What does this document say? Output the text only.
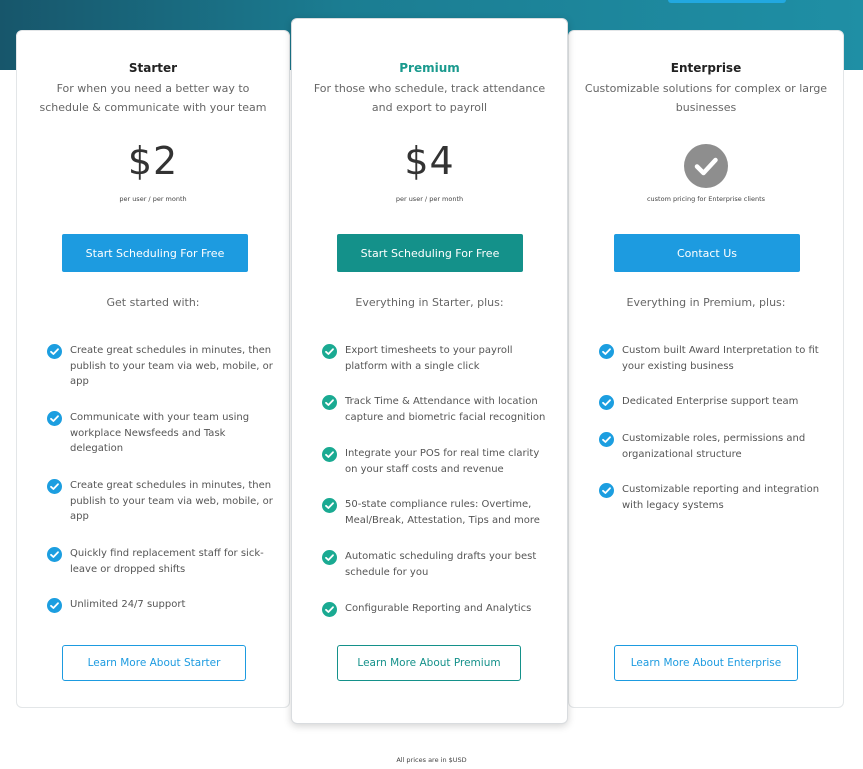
Starter
For when you need a better way to schedule & communicate with your team
$2
per user / per month
Start Scheduling For Free
Get started with:
Create great schedules in minutes, then publish to your team via web, mobile, or app
Communicate with your team using workplace Newsfeeds and Task delegation
Create great schedules in minutes, then publish to your team via web, mobile, or app
Quickly find replacement staff for sick-leave or dropped shifts
Unlimited 24/7 support
Learn More About Starter
Premium
For those who schedule, track attendance and export to payroll
$4
per user / per month
Start Scheduling For Free
Everything in Starter, plus:
Export timesheets to your payroll platform with a single click
Track Time & Attendance with location capture and biometric facial recognition
Integrate your POS for real time clarity on your staff costs and revenue
50-state compliance rules: Overtime, Meal/Break, Attestation, Tips and more
Automatic scheduling drafts your best schedule for you
Configurable Reporting and Analytics
Learn More About Premium
Enterprise
Customizable solutions for complex or large businesses
custom pricing for Enterprise clients
Contact Us
Everything in Premium, plus:
Custom built Award Interpretation to fit your existing business
Dedicated Enterprise support team
Customizable roles, permissions and organizational structure
Customizable reporting and integration with legacy systems
Learn More About Enterprise
All prices are in $USD
